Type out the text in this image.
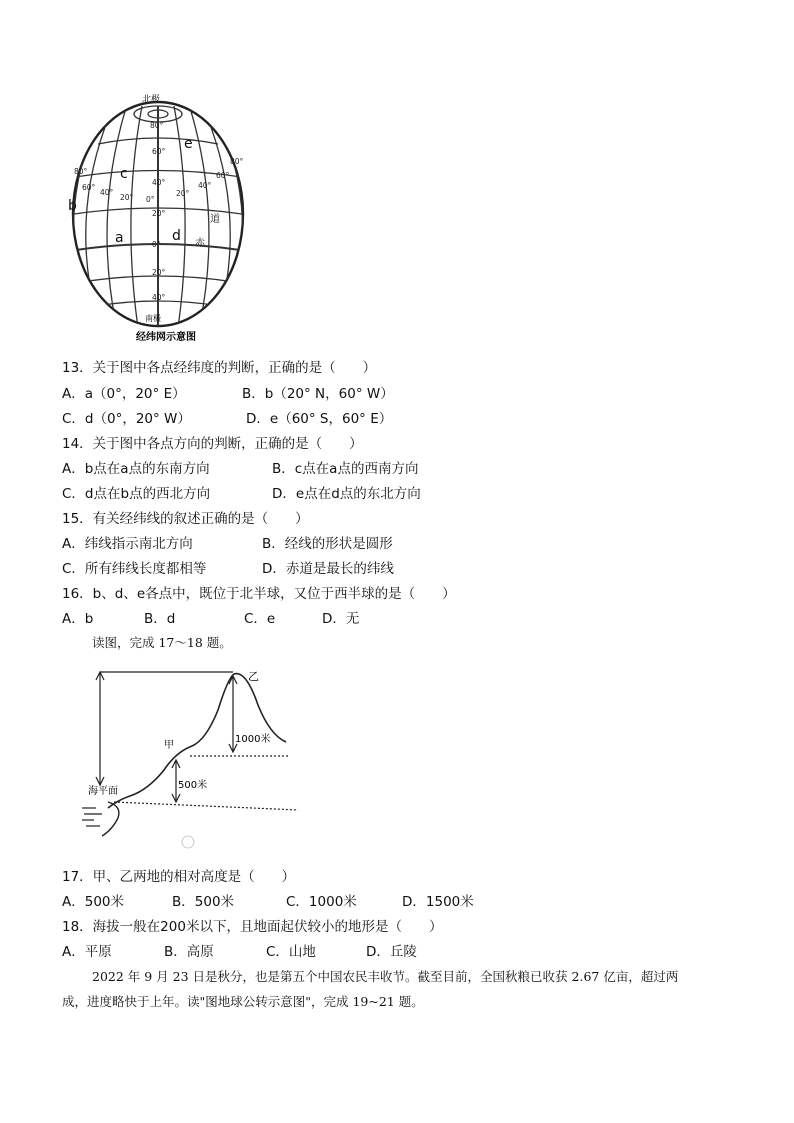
北极
80°
60°
40°
20°
0°
20°
40°
80°
60°
40°
20° 0°
20°
40°
60°
80°
a
b
c
d
e
赤
道
南极
经纬网示意图
13．关于图中各点经纬度的判断，正确的是（　　）
A．a（0°，20° E）	B．b（20° N，60° W）
C．d（0°，20° W）	D．e（60° S，60° E）
14．关于图中各点方向的判断，正确的是（　　）
A．b点在a点的东南方向	B．c点在a点的西南方向
C．d点在b点的西北方向	D．e点在d点的东北方向
15．有关经纬线的叙述正确的是（　　）
A．纬线指示南北方向	B．经线的形状是圆形
C．所有纬线长度都相等	D．赤道是最长的纬线
16．b、d、e各点中，既位于北半球，又位于西半球的是（　　）
A．b	B．d	C．e	D．无
读图，完成 17～18 题。
乙
甲
1000米
500米
海平面
17．甲、乙两地的相对高度是（　　）
A．500米	B．500米	C．1000米	D．1500米
18．海拔一般在200米以下，且地面起伏较小的地形是（　　）
A．平原	B．高原	C．山地	D．丘陵
2022 年 9 月 23 日是秋分，也是第五个中国农民丰收节。截至目前，全国秋粮已收获 2.67 亿亩，超过两
成，进度略快于上年。读"图地球公转示意图"，完成 19~21 题。
